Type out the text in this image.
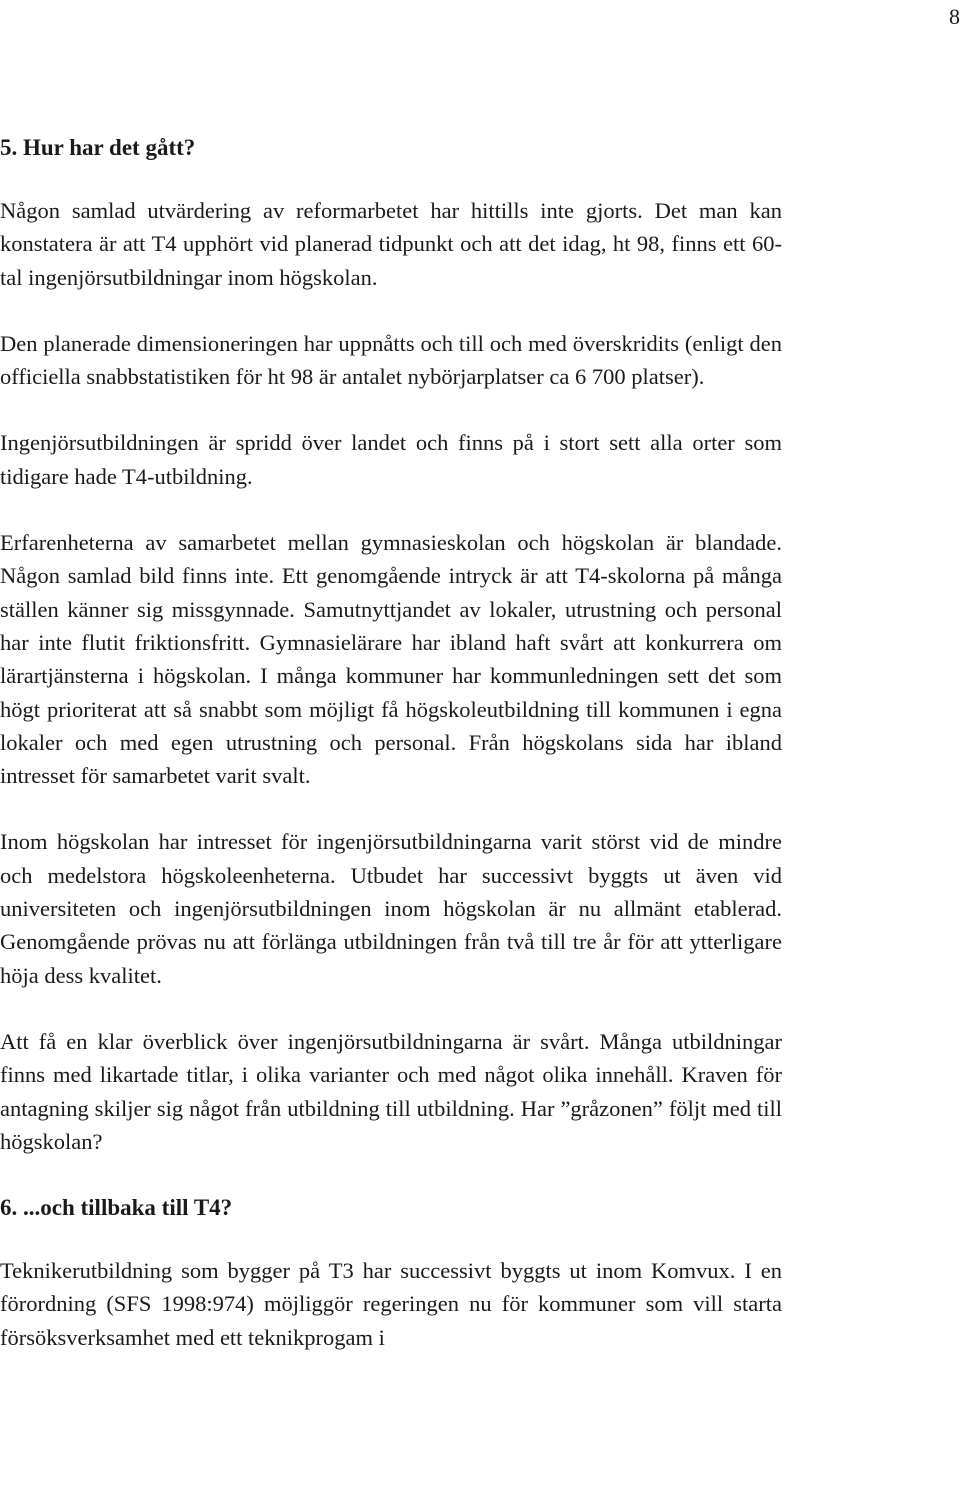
8
5. Hur har det gått?

Någon samlad utvärdering av reformarbetet har hittills inte gjorts. Det man kan konstatera är att T4 upphört vid planerad tidpunkt och att det idag, ht 98, finns ett 60-tal ingenjörsutbildningar inom högskolan.

Den planerade dimensioneringen har uppnåtts och till och med överskridits (enligt den officiella snabbstatistiken för ht 98 är antalet nybörjarplatser ca 6 700 platser).

Ingenjörsutbildningen är spridd över landet och finns på i stort sett alla orter som tidigare hade T4-utbildning.

Erfarenheterna av samarbetet mellan gymnasieskolan och högskolan är blandade. Någon samlad bild finns inte. Ett genomgående intryck är att T4-skolorna på många ställen känner sig missgynnade. Samutnyttjandet av lokaler, utrustning och personal har inte flutit friktionsfritt. Gymnasielärare har ibland haft svårt att konkurrera om lärartjänsterna i högskolan. I många kommuner har kommunledningen sett det som högt prioriterat att så snabbt som möjligt få högskoleutbildning till kommunen i egna lokaler och med egen utrustning och personal. Från högskolans sida har ibland intresset för samarbetet varit svalt.

Inom högskolan har intresset för ingenjörsutbildningarna varit störst vid de mindre och medelstora högskoleenheterna. Utbudet har successivt byggts ut även vid universiteten och ingenjörsutbildningen inom högskolan är nu allmänt etablerad. Genomgående prövas nu att förlänga utbildningen från två till tre år för att ytterligare höja dess kvalitet.

Att få en klar överblick över ingenjörsutbildningarna är svårt. Många utbildningar finns med likartade titlar, i olika varianter och med något olika innehåll. Kraven för antagning skiljer sig något från utbildning till utbildning. Har ”gråzonen” följt med till högskolan?

6. ...och tillbaka till T4?

Teknikerutbildning som bygger på T3 har successivt byggts ut inom Komvux. I en förordning (SFS 1998:974) möjliggör regeringen nu för kommuner som vill starta försöksverksamhet med ett teknikprogam i
